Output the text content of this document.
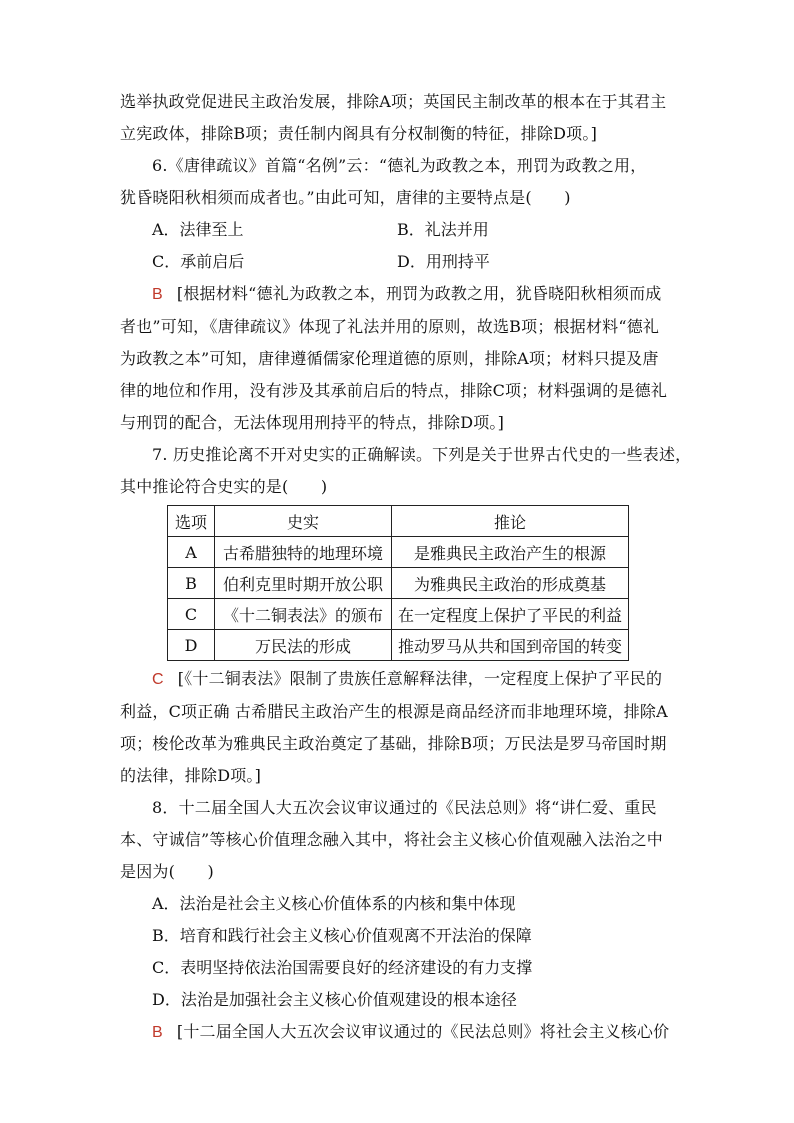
选举执政党促进民主政治发展，排除A项；英国民主制改革的根本在于其君主
立宪政体，排除B项；责任制内阁具有分权制衡的特征，排除D项。]

6.《唐律疏议》首篇“名例”云：“德礼为政教之本，刑罚为政教之用，

犹昏晓阳秋相须而成者也。”由此可知，唐律的主要特点是(　　)

A．法律至上	B．礼法并用
C．承前启后	D．用刑持平

B [根据材料“德礼为政教之本，刑罚为政教之用，犹昏晓阳秋相须而成

者也”可知，《唐律疏议》体现了礼法并用的原则，故选B项；根据材料“德礼
为政教之本”可知，唐律遵循儒家伦理道德的原则，排除A项；材料只提及唐
律的地位和作用，没有涉及其承前启后的特点，排除C项；材料强调的是德礼
与刑罚的配合，无法体现用刑持平的特点，排除D项。]

7. 历史推论离不开对史实的正确解读。下列是关于世界古代史的一些表述，

其中推论符合史实的是(　　)

选项	史实	推论
A	古希腊独特的地理环境	是雅典民主政治产生的根源
B	伯利克里时期开放公职	为雅典民主政治的形成奠基
C	《十二铜表法》的颁布	在一定程度上保护了平民的利益
D	万民法的形成	推动罗马从共和国到帝国的转变

C [《十二铜表法》限制了贵族任意解释法律，一定程度上保护了平民的

利益，C项正确 古希腊民主政治产生的根源是商品经济而非地理环境，排除A
项；梭伦改革为雅典民主政治奠定了基础，排除B项；万民法是罗马帝国时期
的法律，排除D项。]

8．十二届全国人大五次会议审议通过的《民法总则》将“讲仁爱、重民

本、守诚信”等核心价值理念融入其中，将社会主义核心价值观融入法治之中
是因为(　　)

A．法治是社会主义核心价值体系的内核和集中体现
B．培育和践行社会主义核心价值观离不开法治的保障
C．表明坚持依法治国需要良好的经济建设的有力支撑
D．法治是加强社会主义核心价值观建设的根本途径

B [十二届全国人大五次会议审议通过的《民法总则》将社会主义核心价
